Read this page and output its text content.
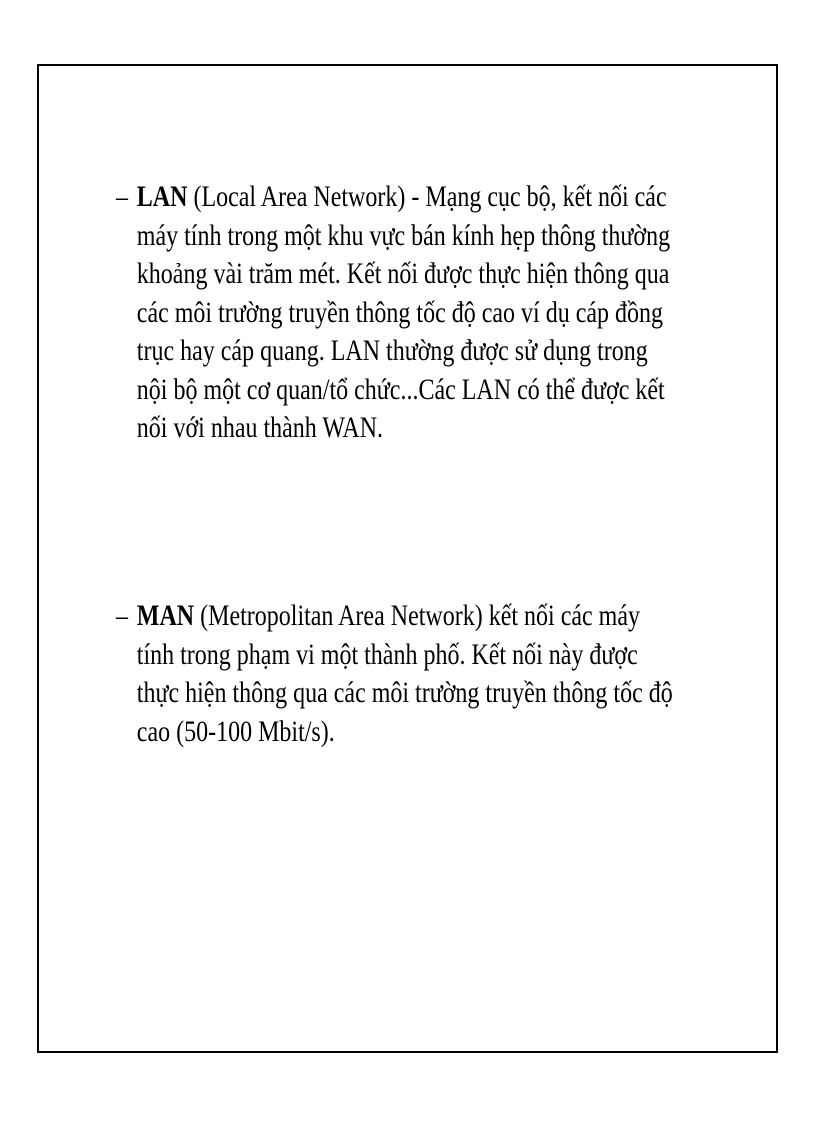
– LAN (Local Area Network) - Mạng cục bộ, kết nối các
máy tính trong một khu vực bán kính hẹp thông thường
khoảng vài trăm mét. Kết nối được thực hiện thông qua
các môi trường truyền thông tốc độ cao ví dụ cáp đồng
trục hay cáp quang. LAN thường được sử dụng trong
nội bộ một cơ quan/tổ chức...Các LAN có thể được kết
nối với nhau thành WAN.
– MAN (Metropolitan Area Network) kết nối các máy
tính trong phạm vi một thành phố. Kết nối này được
thực hiện thông qua các môi trường truyền thông tốc độ
cao (50-100 Mbit/s).
